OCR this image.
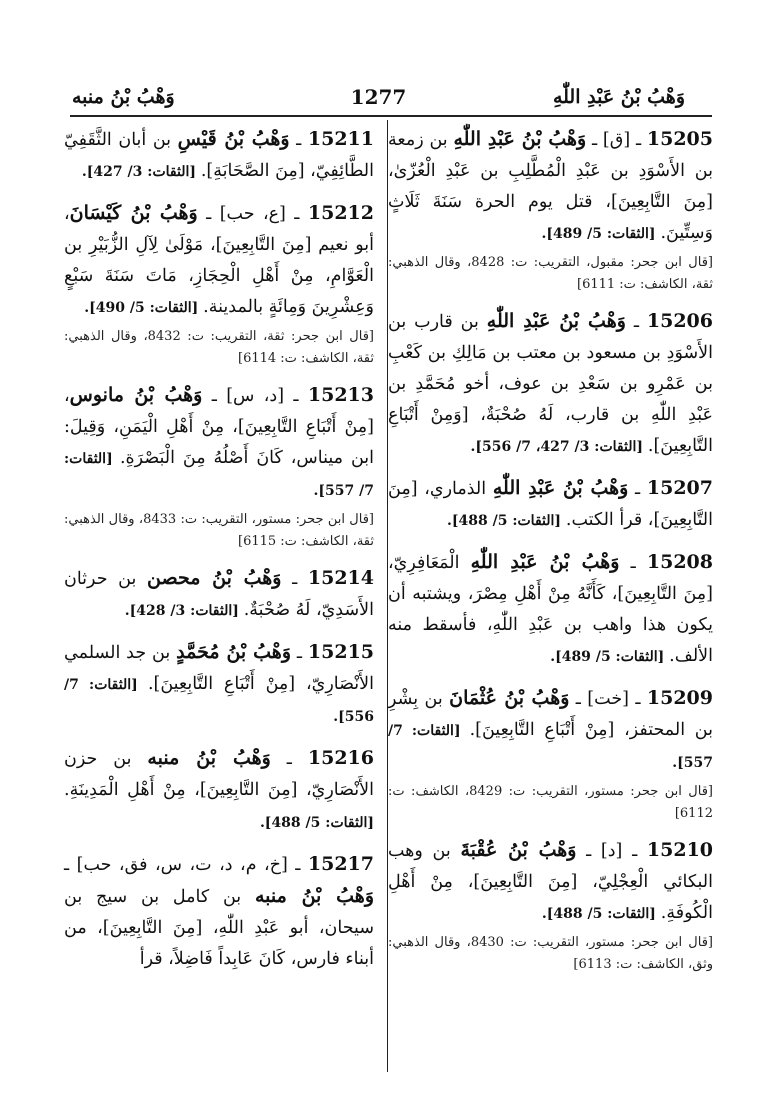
وَهْبُ بْنُ عَبْدِ اللّٰهِ
1277
وَهْبُ بْنُ منبه
15205 ـ [ق] ـ وَهْبُ بْنُ عَبْدِ اللّٰهِ بن زمعة بن الأَسْوَدِ بن عَبْدِ الْمُطَّلِبِ بن عَبْدِ الْعُزّىٰ، [مِنَ التَّابِعِينَ]، قتل يوم الحرة سَنَةَ ثَلَاثٍ وَسِتِّينَ. [الثقات: 5/ 489].
[قال ابن جحر: مقبول، التقريب: ت: 8428، وقال الذهبي: ثقة، الكاشف: ت: 6111]
15206 ـ وَهْبُ بْنُ عَبْدِ اللّٰهِ بن قارب بن الأَسْوَدِ بن مسعود بن معتب بن مَالِكِ بن كَعْبِ بن عَمْرِو بن سَعْدِ بن عوف، أخو مُحَمَّدِ بن عَبْدِ اللّٰهِ بن قارب، لَهُ صُحْبَةٌ، [وَمِنْ أَتْبَاعِ التَّابِعِينَ]. [الثقات: 3/ 427، 7/ 556].
15207 ـ وَهْبُ بْنُ عَبْدِ اللّٰهِ الذماري، [مِنَ التَّابِعِينَ]، قرأ الكتب. [الثقات: 5/ 488].
15208 ـ وَهْبُ بْنُ عَبْدِ اللّٰهِ الْمَعَافِرِيّ، [مِنَ التَّابِعِينَ]، كَأَنَّهُ مِنْ أَهْلِ مِصْرَ، ويشتبه أن يكون هذا واهب بن عَبْدِ اللّٰهِ، فأسقط منه الألف. [الثقات: 5/ 489].
15209 ـ [خت] ـ وَهْبُ بْنُ عُثْمَانَ بن بِشْرِ بن المحتفز، [مِنْ أَتْبَاعِ التَّابِعِينَ]. [الثقات: 7/ 557].
[قال ابن جحر: مستور، التقريب: ت: 8429، الكاشف: ت: 6112]
15210 ـ [د] ـ وَهْبُ بْنُ عُقْبَةَ بن وهب البكائي الْعِجْلِيّ، [مِنَ التَّابِعِينَ]، مِنْ أَهْلِ الْكُوفَةِ. [الثقات: 5/ 488].
[قال ابن جحر: مستور، التقريب: ت: 8430، وقال الذهبي: وثق، الكاشف: ت: 6113]
15211 ـ وَهْبُ بْنُ قَيْسِ بن أبان الثَّقَفِيّ الطَّائِفِيّ، [مِنَ الصَّحَابَةِ]. [الثقات: 3/ 427].
15212 ـ [ع، حب] ـ وَهْبُ بْنُ كَيْسَانَ، أبو نعيم [مِنَ التَّابِعِينَ]، مَوْلَىٰ لِآلِ الزُّبَيْرِ بن الْعَوَّامِ، مِنْ أَهْلِ الْحِجَازِ، مَاتَ سَنَةَ سَبْعٍ وَعِشْرِينَ وَمِائَةٍ بالمدينة. [الثقات: 5/ 490].
[قال ابن جحر: ثقة، التقريب: ت: 8432، وقال الذهبي: ثقة، الكاشف: ت: 6114]
15213 ـ [د، س] ـ وَهْبُ بْنُ مانوس، [مِنْ أَتْبَاعِ التَّابِعِينَ]، مِنْ أَهْلِ الْيَمَنِ، وَقِيلَ: ابن ميناس، كَانَ أَصْلُهُ مِنَ الْبَصْرَةِ. [الثقات: 7/ 557].
[قال ابن جحر: مستور، التقريب: ت: 8433، وقال الذهبي: ثقة، الكاشف: ت: 6115]
15214 ـ وَهْبُ بْنُ محصن بن حرثان الأَسَدِيّ، لَهُ صُحْبَةٌ. [الثقات: 3/ 428].
15215 ـ وَهْبُ بْنُ مُحَمَّدٍ بن جد السلمي الأَنْصَارِيّ، [مِنْ أَتْبَاعِ التَّابِعِينَ]. [الثقات: 7/ 556].
15216 ـ وَهْبُ بْنُ منبه بن حزن الأَنْصَارِيّ، [مِنَ التَّابِعِينَ]، مِنْ أَهْلِ الْمَدِينَةِ. [الثقات: 5/ 488].
15217 ـ [خ، م، د، ت، س، فق، حب] ـ وَهْبُ بْنُ منبه بن كامل بن سيج بن سيحان، أبو عَبْدِ اللّٰهِ، [مِنَ التَّابِعِينَ]، من أبناء فارس، كَانَ عَابِداً فَاضِلاً، قرأ
